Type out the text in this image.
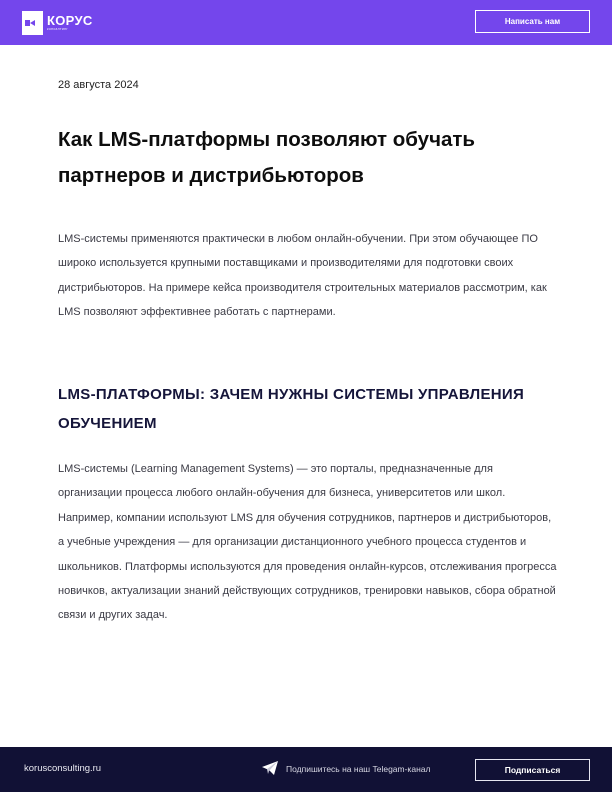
КОРУС
консалтинг
Написать нам
28 августа 2024
Как LMS-платформы позволяют обучать партнеров и дистрибьюторов

LMS-системы применяются практически в любом онлайн-обучении. При этом обучающее ПО широко используется крупными поставщиками и производителями для подготовки своих дистрибьюторов. На примере кейса производителя строительных материалов рассмотрим, как LMS позволяют эффективнее работать с партнерами.

LMS-ПЛАТФОРМЫ: ЗАЧЕМ НУЖНЫ СИСТЕМЫ УПРАВЛЕНИЯ ОБУЧЕНИЕМ

LMS-системы (Learning Management Systems) — это порталы, предназначенные для организации процесса любого онлайн-обучения для бизнеса, университетов или школ. Например, компании используют LMS для обучения сотрудников, партнеров и дистрибьюторов, а учебные учреждения — для организации дистанционного учебного процесса студентов и школьников. Платформы используются для проведения онлайн-курсов, отслеживания прогресса новичков, актуализации знаний действующих сотрудников, тренировки навыков, сбора обратной связи и других задач.

korusconsulting.ru	Подпишитесь на наш Telegam-канал	Подписаться
